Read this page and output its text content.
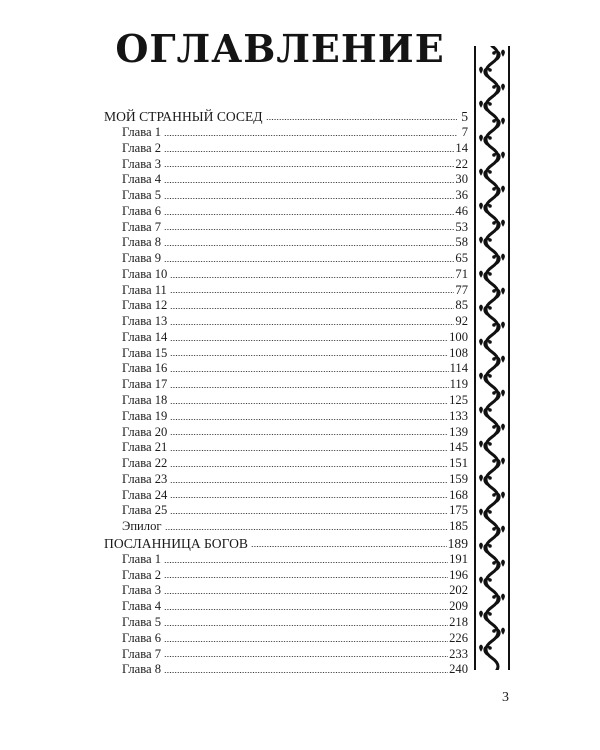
ОГЛАВЛЕНИЕ
МОЙ СТРАННЫЙ СОСЕД	5
Глава 1	7
Глава 2	14
Глава 3	22
Глава 4	30
Глава 5	36
Глава 6	46
Глава 7	53
Глава 8	58
Глава 9	65
Глава 10	71
Глава 11	77
Глава 12	85
Глава 13	92
Глава 14	100
Глава 15	108
Глава 16	114
Глава 17	119
Глава 18	125
Глава 19	133
Глава 20	139
Глава 21	145
Глава 22	151
Глава 23	159
Глава 24	168
Глава 25	175
Эпилог	185
ПОСЛАННИЦА БОГОВ	189
Глава 1	191
Глава 2	196
Глава 3	202
Глава 4	209
Глава 5	218
Глава 6	226
Глава 7	233
Глава 8	240
3
